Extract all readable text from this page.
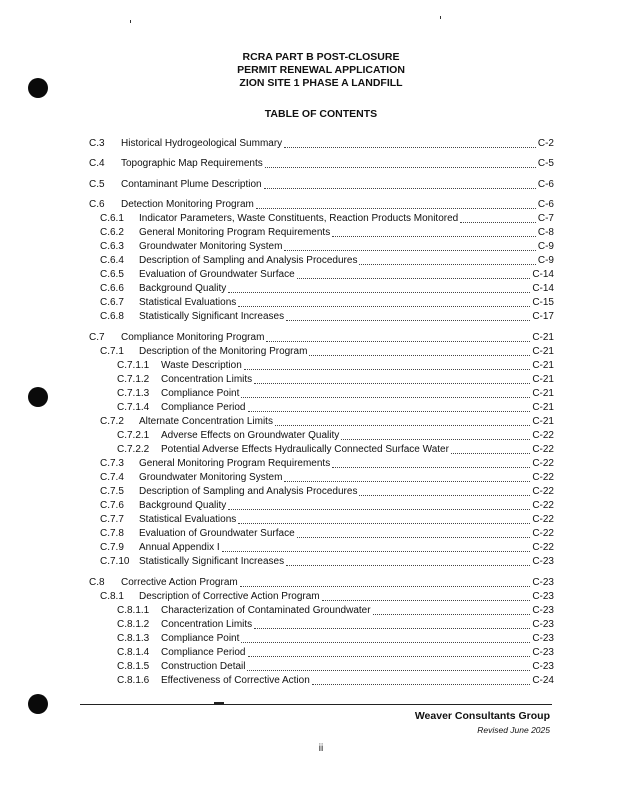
RCRA PART B POST-CLOSURE
PERMIT RENEWAL APPLICATION
ZION SITE 1 PHASE A LANDFILL
TABLE OF CONTENTS
C.3	Historical Hydrogeological Summary	C-2
C.4	Topographic Map Requirements	C-5
C.5	Contaminant Plume Description	C-6
C.6	Detection Monitoring Program	C-6
C.6.1	Indicator Parameters, Waste Constituents, Reaction Products Monitored	C-7
C.6.2	General Monitoring Program Requirements	C-8
C.6.3	Groundwater Monitoring System	C-9
C.6.4	Description of Sampling and Analysis Procedures	C-9
C.6.5	Evaluation of Groundwater Surface	C-14
C.6.6	Background Quality	C-14
C.6.7	Statistical Evaluations	C-15
C.6.8	Statistically Significant Increases	C-17
C.7	Compliance Monitoring Program	C-21
C.7.1	Description of the Monitoring Program	C-21
C.7.1.1	Waste Description	C-21
C.7.1.2	Concentration Limits	C-21
C.7.1.3	Compliance Point	C-21
C.7.1.4	Compliance Period	C-21
C.7.2	Alternate Concentration Limits	C-21
C.7.2.1	Adverse Effects on Groundwater Quality	C-22
C.7.2.2	Potential Adverse Effects Hydraulically Connected Surface Water	C-22
C.7.3	General Monitoring Program Requirements	C-22
C.7.4	Groundwater Monitoring System	C-22
C.7.5	Description of Sampling and Analysis Procedures	C-22
C.7.6	Background Quality	C-22
C.7.7	Statistical Evaluations	C-22
C.7.8	Evaluation of Groundwater Surface	C-22
C.7.9	Annual Appendix I	C-22
C.7.10 Statistically Significant Increases	C-23
C.8	Corrective Action Program	C-23
C.8.1	Description of Corrective Action Program	C-23
C.8.1.1	Characterization of Contaminated Groundwater	C-23
C.8.1.2	Concentration Limits	C-23
C.8.1.3	Compliance Point	C-23
C.8.1.4	Compliance Period	C-23
C.8.1.5	Construction Detail	C-23
C.8.1.6	Effectiveness of Corrective Action	C-24
Weaver Consultants Group
Revised June 2025
ii
